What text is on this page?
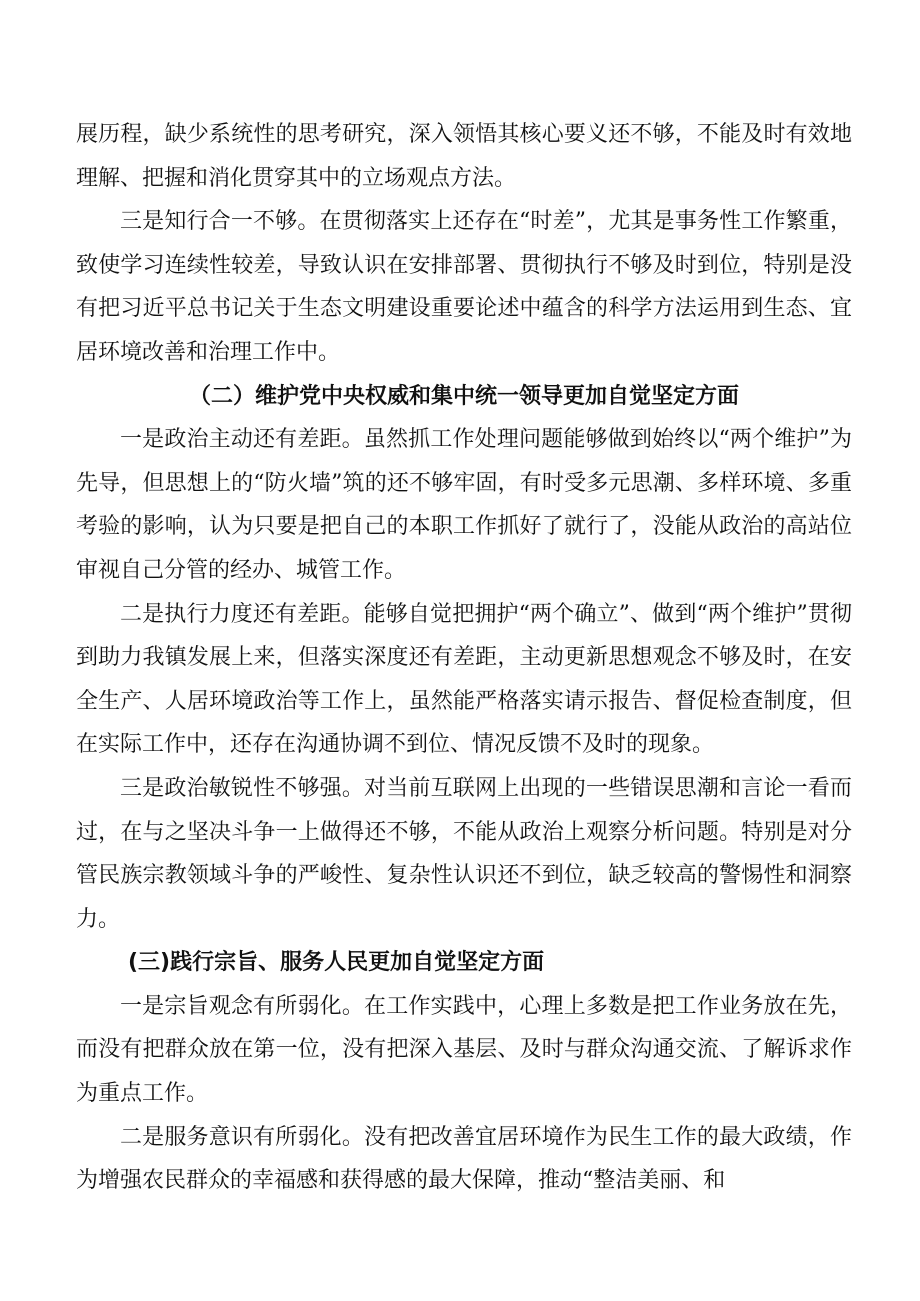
展历程，缺少系统性的思考研究，深入领悟其核心要义还不够，不能及时有效地理解、把握和消化贯穿其中的立场观点方法。

三是知行合一不够。在贯彻落实上还存在“时差”，尤其是事务性工作繁重，致使学习连续性较差，导致认识在安排部署、贯彻执行不够及时到位，特别是没有把习近平总书记关于生态文明建设重要论述中蕴含的科学方法运用到生态、宜居环境改善和治理工作中。

（二）维护党中央权威和集中统一领导更加自觉坚定方面

一是政治主动还有差距。虽然抓工作处理问题能够做到始终以“两个维护”为先导，但思想上的“防火墙”筑的还不够牢固，有时受多元思潮、多样环境、多重考验的影响，认为只要是把自己的本职工作抓好了就行了，没能从政治的高站位审视自己分管的经办、城管工作。

二是执行力度还有差距。能够自觉把拥护“两个确立”、做到“两个维护”贯彻到助力我镇发展上来，但落实深度还有差距，主动更新思想观念不够及时，在安全生产、人居环境政治等工作上，虽然能严格落实请示报告、督促检查制度，但在实际工作中，还存在沟通协调不到位、情况反馈不及时的现象。

三是政治敏锐性不够强。对当前互联网上出现的一些错误思潮和言论一看而过，在与之坚决斗争一上做得还不够，不能从政治上观察分析问题。特别是对分管民族宗教领域斗争的严峻性、复杂性认识还不到位，缺乏较高的警惕性和洞察力。

(三)践行宗旨、服务人民更加自觉坚定方面

一是宗旨观念有所弱化。在工作实践中，心理上多数是把工作业务放在先，而没有把群众放在第一位，没有把深入基层、及时与群众沟通交流、了解诉求作为重点工作。

二是服务意识有所弱化。没有把改善宜居环境作为民生工作的最大政绩，作为增强农民群众的幸福感和获得感的最大保障，推动“整洁美丽、和
